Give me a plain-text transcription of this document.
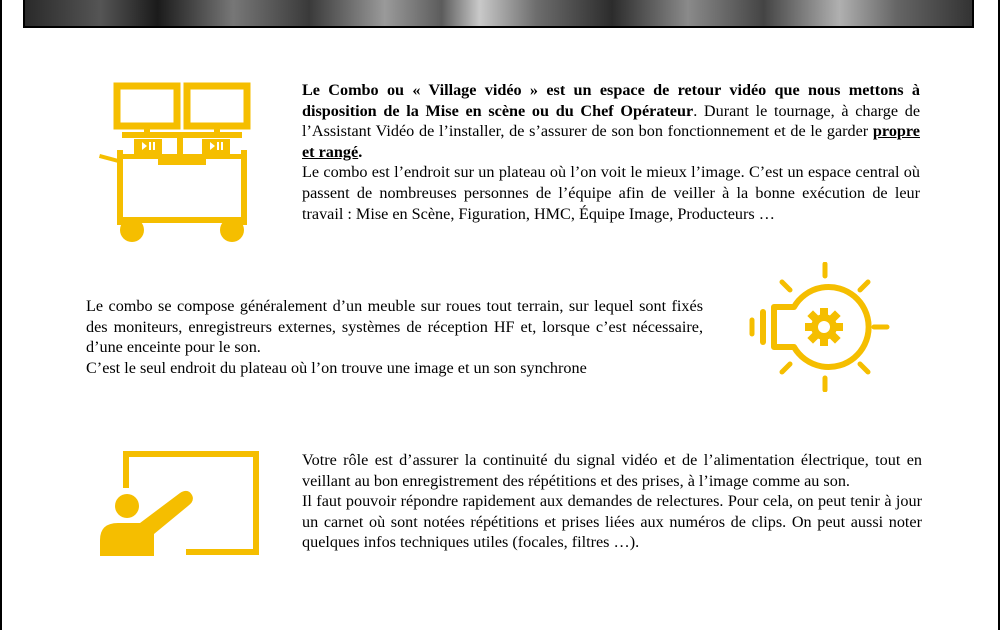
Le Combo ou « Village vidéo » est un espace de retour vidéo que nous mettons à disposition de la Mise en scène ou du Chef Opérateur. Durant le tournage, à charge de l’Assistant Vidéo de l’installer, de s’assurer de son bon fonctionnement et de le garder propre et rangé.

Le combo est l’endroit sur un plateau où l’on voit le mieux l’image. C’est un espace central où passent de nombreuses personnes de l’équipe afin de veiller à la bonne exécution de leur travail : Mise en Scène, Figuration, HMC, Équipe Image, Producteurs …

Le combo se compose généralement d’un meuble sur roues tout terrain, sur lequel sont fixés des moniteurs, enregistreurs externes, systèmes de réception HF et, lorsque c’est nécessaire, d’une enceinte pour le son.

C’est le seul endroit du plateau où l’on trouve une image et un son synchrone

Votre rôle est d’assurer la continuité du signal vidéo et de l’alimentation électrique, tout en veillant au bon enregistrement des répétitions et des prises, à l’image comme au son.

Il faut pouvoir répondre rapidement aux demandes de relectures. Pour cela, on peut tenir à jour un carnet où sont notées répétitions et prises liées aux numéros de clips. On peut aussi noter quelques infos techniques utiles (focales, filtres …).
